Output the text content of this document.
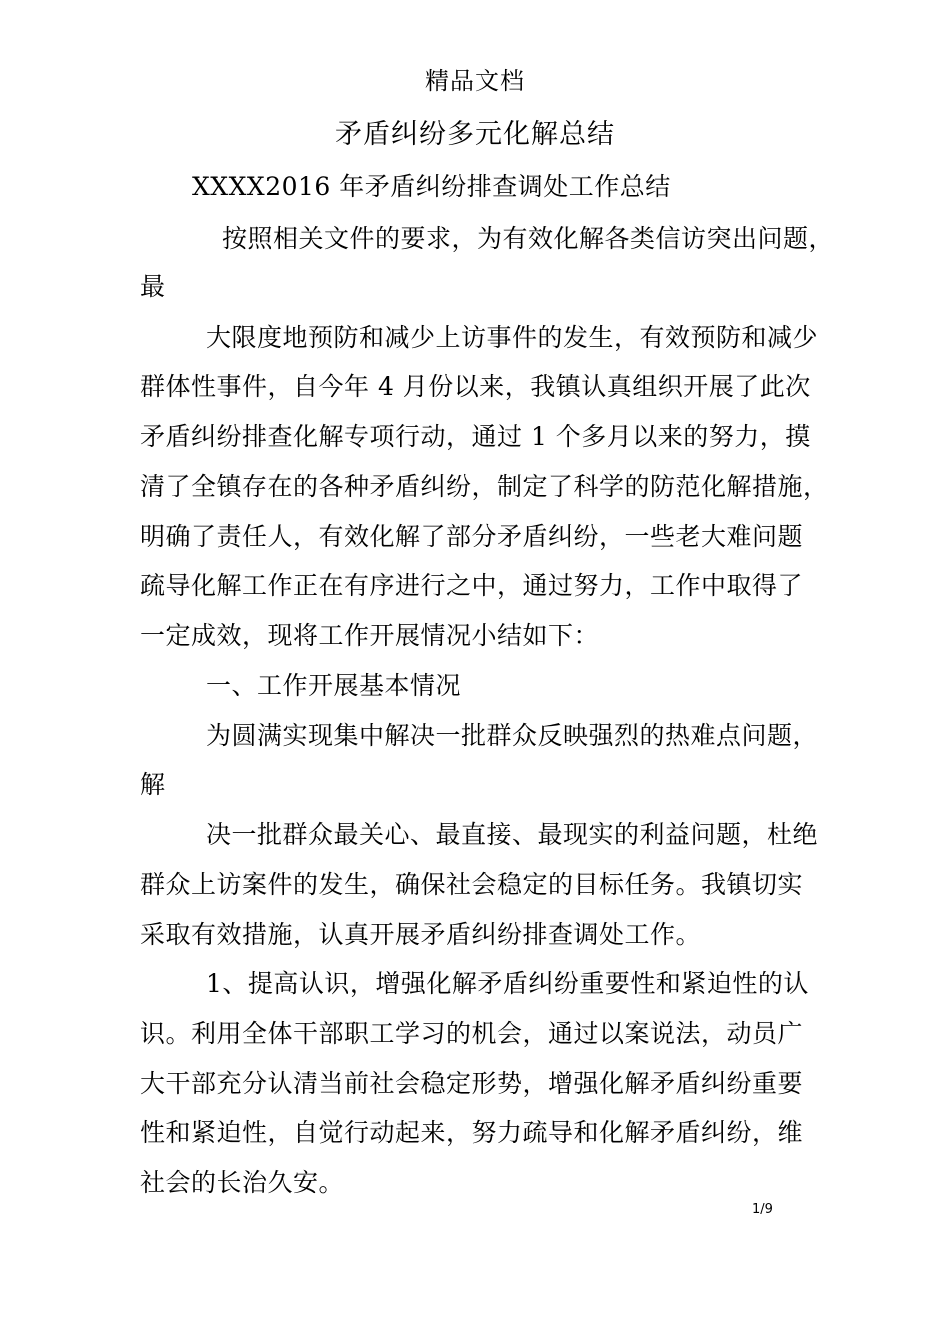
精品文档
矛盾纠纷多元化解总结
XXXX2016 年矛盾纠纷排查调处工作总结
按照相关文件的要求，为有效化解各类信访突出问题，
最
大限度地预防和减少上访事件的发生，有效预防和减少
群体性事件，自今年 4 月份以来，我镇认真组织开展了此次
矛盾纠纷排查化解专项行动，通过 1 个多月以来的努力，摸
清了全镇存在的各种矛盾纠纷，制定了科学的防范化解措施，
明确了责任人，有效化解了部分矛盾纠纷，一些老大难问题
疏导化解工作正在有序进行之中，通过努力，工作中取得了
一定成效，现将工作开展情况小结如下：
一、工作开展基本情况
为圆满实现集中解决一批群众反映强烈的热难点问题，
解
决一批群众最关心、最直接、最现实的利益问题，杜绝
群众上访案件的发生，确保社会稳定的目标任务。我镇切实
采取有效措施，认真开展矛盾纠纷排查调处工作。
1、提高认识，增强化解矛盾纠纷重要性和紧迫性的认
识。利用全体干部职工学习的机会，通过以案说法，动员广
大干部充分认清当前社会稳定形势，增强化解矛盾纠纷重要
性和紧迫性，自觉行动起来，努力疏导和化解矛盾纠纷，维
社会的长治久安。
1/9
